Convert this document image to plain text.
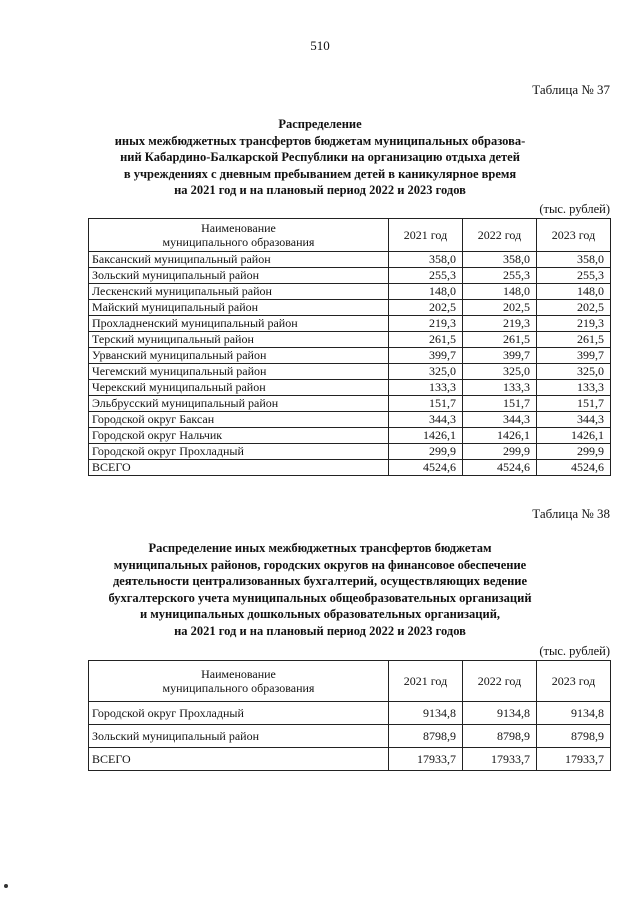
510
Таблица № 37
Распределение
иных межбюджетных трансфертов бюджетам муниципальных образова-
ний Кабардино-Балкарской Республики на организацию отдыха детей
в учреждениях с дневным пребыванием детей в каникулярное время
на 2021 год и на плановый период 2022 и 2023 годов
(тыс. рублей)
Наименование
муниципального образования	2021 год	2022 год	2023 год
Баксанский муниципальный район	358,0	358,0	358,0
Зольский муниципальный район	255,3	255,3	255,3
Лескенский муниципальный район	148,0	148,0	148,0
Майский муниципальный район	202,5	202,5	202,5
Прохладненский муниципальный район	219,3	219,3	219,3
Терский муниципальный район	261,5	261,5	261,5
Урванский муниципальный район	399,7	399,7	399,7
Чегемский муниципальный район	325,0	325,0	325,0
Черекский муниципальный район	133,3	133,3	133,3
Эльбрусский муниципальный район	151,7	151,7	151,7
Городской округ Баксан	344,3	344,3	344,3
Городской округ Нальчик	1426,1	1426,1	1426,1
Городской округ Прохладный	299,9	299,9	299,9
ВСЕГО	4524,6	4524,6	4524,6
Таблица № 38
Распределение иных межбюджетных трансфертов бюджетам
муниципальных районов, городских округов на финансовое обеспечение
деятельности централизованных бухгалтерий, осуществляющих ведение
бухгалтерского учета муниципальных общеобразовательных организаций
и муниципальных дошкольных образовательных организаций,
на 2021 год и на плановый период 2022 и 2023 годов
(тыс. рублей)
Наименование
муниципального образования	2021 год	2022 год	2023 год
Городской округ Прохладный	9134,8	9134,8	9134,8
Зольский муниципальный район	8798,9	8798,9	8798,9
ВСЕГО	17933,7	17933,7	17933,7
